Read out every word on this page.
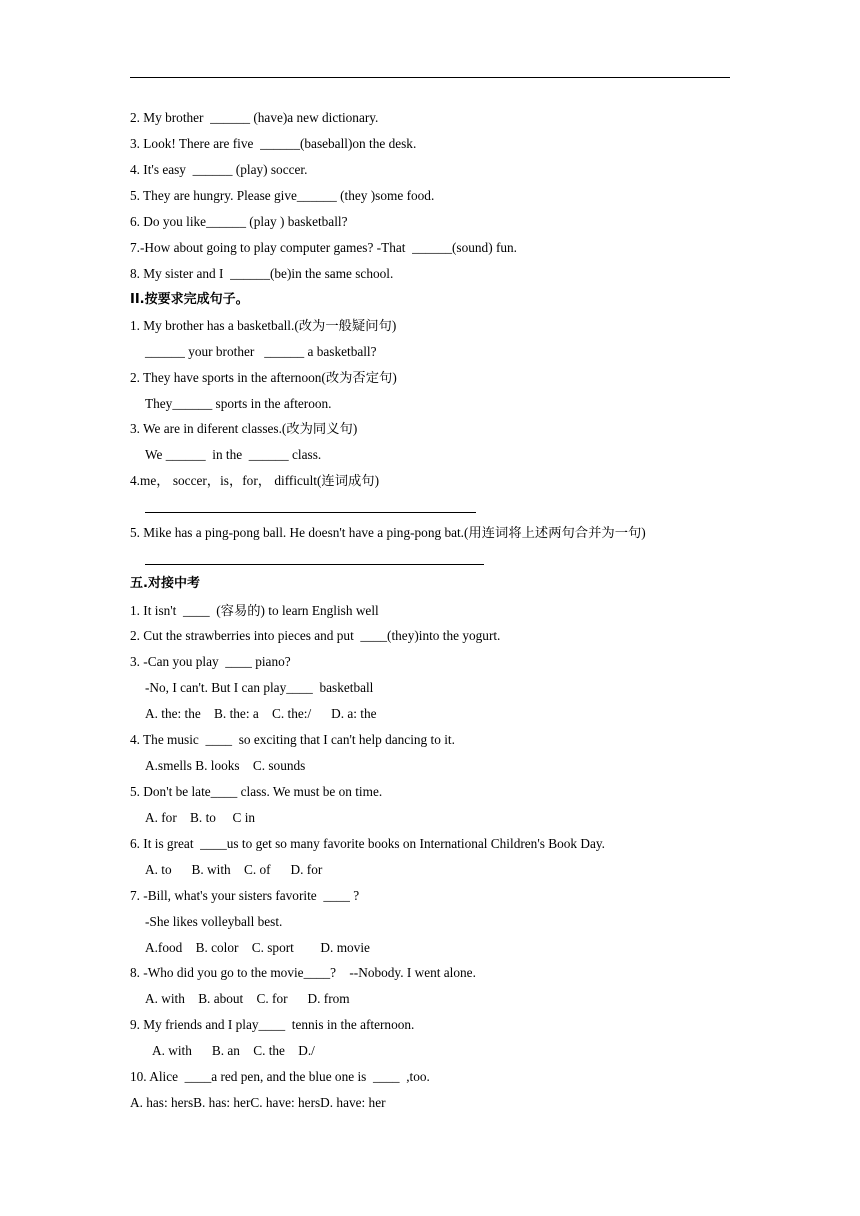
2. My brother  ______ (have)a new dictionary.
3. Look! There are five  ______(baseball)on the desk.
4. It's easy  ______ (play) soccer.
5. They are hungry. Please give______ (they )some food.
6. Do you like______ (play ) basketball?
7.-How about going to play computer games? -That  ______(sound) fun.
8. My sister and I  ______(be)in the same school.
II.按要求完成句子。
1. My brother has a basketball.(改为一般疑问句)
______ your brother   ______ a basketball?
2. They have sports in the afternoon(改为否定句)
They______ sports in the afteroon.
3. We are in diferent classes.(改为同义句)
We ______  in the  ______ class.
4.me， soccer，is，for， difficult(连词成句)
5. Mike has a ping-pong ball. He doesn't have a ping-pong bat.(用连词将上述两句合并为一句)
五.对接中考
1. It isn't  ____  (容易的) to learn English well
2. Cut the strawberries into pieces and put  ____(they)into the yogurt.
3. -Can you play  ____ piano?
-No, I can't. But I can play____  basketball
A. the: the    B. the: a    C. the:/      D. a: the
4. The music  ____  so exciting that I can't help dancing to it.
A.smells B. looks    C. sounds
5. Don't be late____ class. We must be on time.
A. for    B. to     C in
6. It is great  ____us to get so many favorite books on International Children's Book Day.
A. to      B. with    C. of      D. for
7. -Bill, what's your sisters favorite  ____ ?
-She likes volleyball best.
A.food    B. color    C. sport        D. movie
8. -Who did you go to the movie____?    --Nobody. I went alone.
A. with    B. about    C. for      D. from
9. My friends and I play____  tennis in the afternoon.
A. with      B. an    C. the    D./
10. Alice  ____a red pen, and the blue one is  ____  ,too.
A. has: hersB. has: herC. have: hersD. have: her
